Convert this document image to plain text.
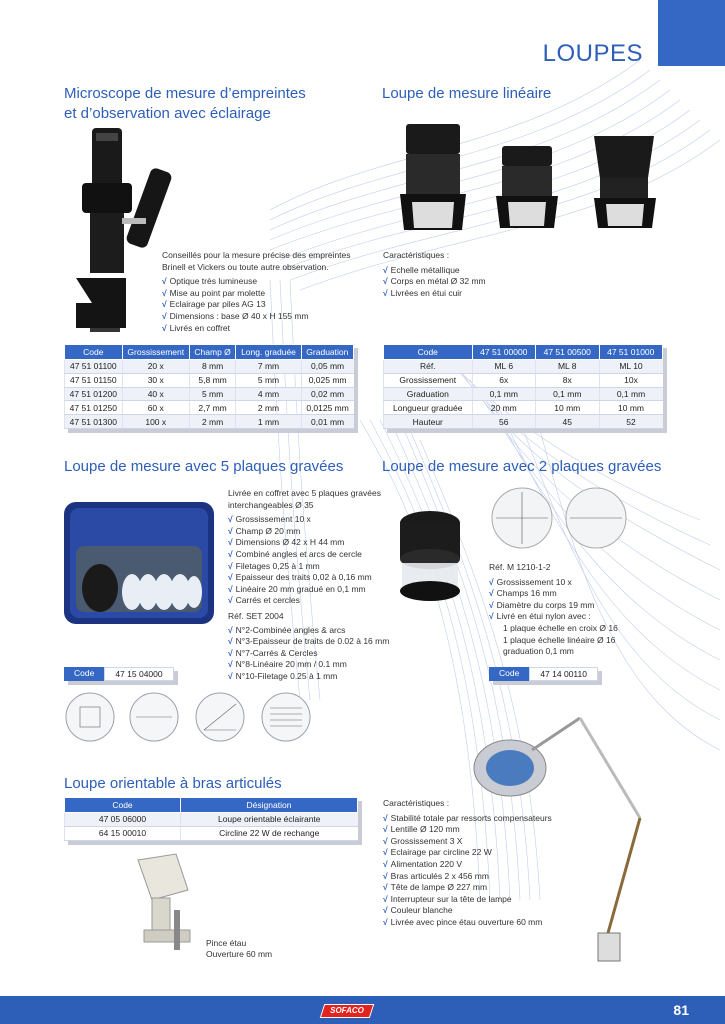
LOUPES
Microscope de mesure d’empreintes
et d’observation avec éclairage
Conseillés pour la mesure précise des empreintes Brinell et Vickers ou toute autre observation.
√ Optique très lumineuse
√ Mise au point par molette
√ Eclairage par piles AG 13
√ Dimensions : base Ø 40 x H 155 mm
√ Livrés en coffret
Code	Grossissement	Champ Ø	Long. graduée	Graduation
47 51 01100	20 x	8 mm	7 mm	0,05 mm
47 51 01150	30 x	5,8 mm	5 mm	0,025 mm
47 51 01200	40 x	5 mm	4 mm	0,02 mm
47 51 01250	60 x	2,7 mm	2 mm	0,0125 mm
47 51 01300	100 x	2 mm	1 mm	0,01 mm
Loupe de mesure linéaire
Caractéristiques :
√ Echelle métallique
√ Corps en métal Ø 32 mm
√ Livrées en étui cuir
Code	47 51 00000	47 51 00500	47 51 01000
Réf.	ML 6	ML 8	ML 10
Grossissement	6x	8x	10x
Graduation	0,1 mm	0,1 mm	0,1 mm
Longueur graduée	20 mm	10 mm	10 mm
Hauteur	56	45	52
Loupe de mesure avec 5 plaques gravées
Livrée en coffret avec 5 plaques gravées interchangeables Ø 35
√ Grossissement 10 x
√ Champ Ø 20 mm
√ Dimensions Ø 42 x H 44 mm
√ Combiné angles et arcs de cercle
√ Filetages 0,25 à 1 mm
√ Epaisseur des traits 0,02 à 0,16 mm
√ Linéaire 20 mm gradué en 0,1 mm
√ Carrés et cercles
Réf. SET 2004
√ N°2-Combinée angles & arcs
√ N°3-Epaisseur de traits de 0.02 à 16 mm
√ N°7-Carrés & Cercles
√ N°8-Linéaire 20 mm / 0.1 mm
√ N°10-Filetage 0.25 à 1 mm
Code	47 15 04000
Loupe de mesure avec 2 plaques gravées
Réf. M 1210-1-2
√ Grossissement 10 x
√ Champs 16 mm
√ Diamètre du corps 19 mm
√ Livré en étui nylon avec :
1 plaque échelle en croix Ø 16
1 plaque échelle linéaire Ø 16
graduation 0,1 mm
Code	47 14 00110
Loupe orientable à bras articulés
Code	Désignation
47 05 06000	Loupe orientable éclairante
64 15 00010	Circline 22 W de rechange
Pince étau
Ouverture 60 mm
Caractéristiques :
√ Stabilité totale par ressorts compensateurs
√ Lentille Ø 120 mm
√ Grossissement 3 X
√ Eclairage par circline 22 W
√ Alimentation 220 V
√ Bras articulés 2 x 456 mm
√ Tête de lampe Ø 227 mm
√ Interrupteur sur la tête de lampe
√ Couleur blanche
√ Livrée avec pince étau ouverture 60 mm
SOFACO	81
